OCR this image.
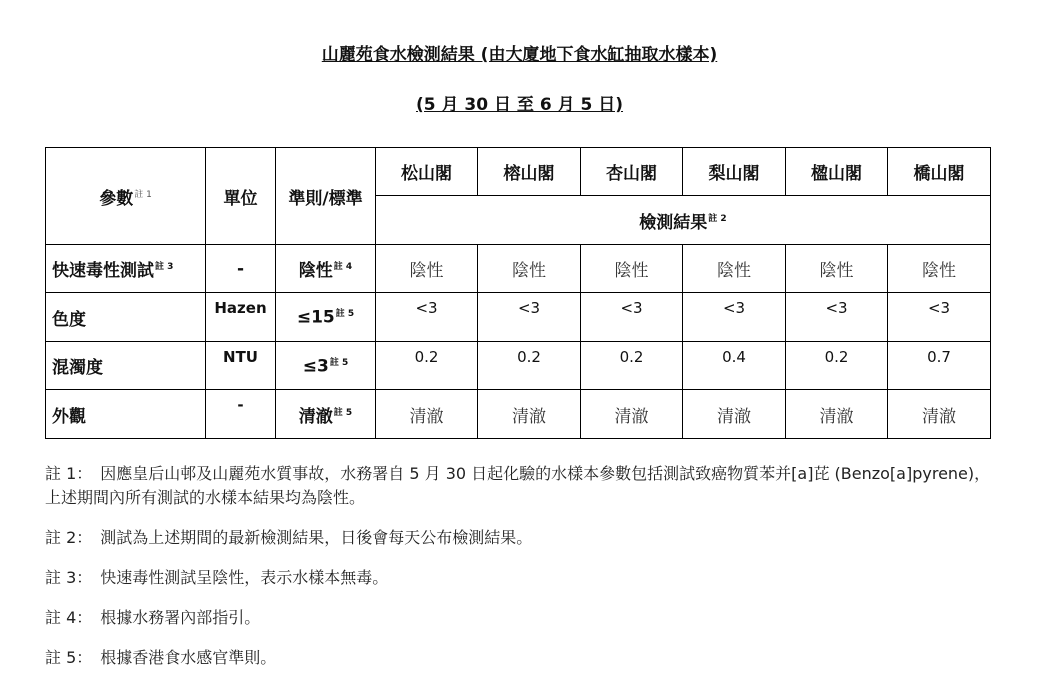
山麗苑食水檢測結果 (由大廈地下食水缸抽取水樣本)
(5 月 30 日 至 6 月 5 日)
參數$^{註 1}$	單位	準則/標準	松山閣	榕山閣	杏山閣	梨山閣	楹山閣	橋山閣
			檢測結果$^{註 2}$
快速毒性測試$^{註 3}$	-	陰性$^{註 4}$	陰性	陰性	陰性	陰性	陰性	陰性
色度	Hazen	$\le 15^{註 5}$	<3	<3	<3	<3	<3	<3
混濁度	NTU	$\le 3^{註 5}$	0.2	0.2	0.2	0.4	0.2	0.7
外觀	-	清澈$^{註 5}$	清澈	清澈	清澈	清澈	清澈	清澈

註 1： 因應皇后山邨及山麗苑水質事故，水務署自 5 月 30 日起化驗的水樣本參數包括測試致癌物質苯并[a]芘 (Benzo[a]pyrene)，上述期間內所有測試的水樣本結果均為陰性。

註 2： 測試為上述期間的最新檢測結果，日後會每天公布檢測結果。

註 3： 快速毒性測試呈陰性，表示水樣本無毒。

註 4： 根據水務署內部指引。

註 5： 根據香港食水感官準則。
